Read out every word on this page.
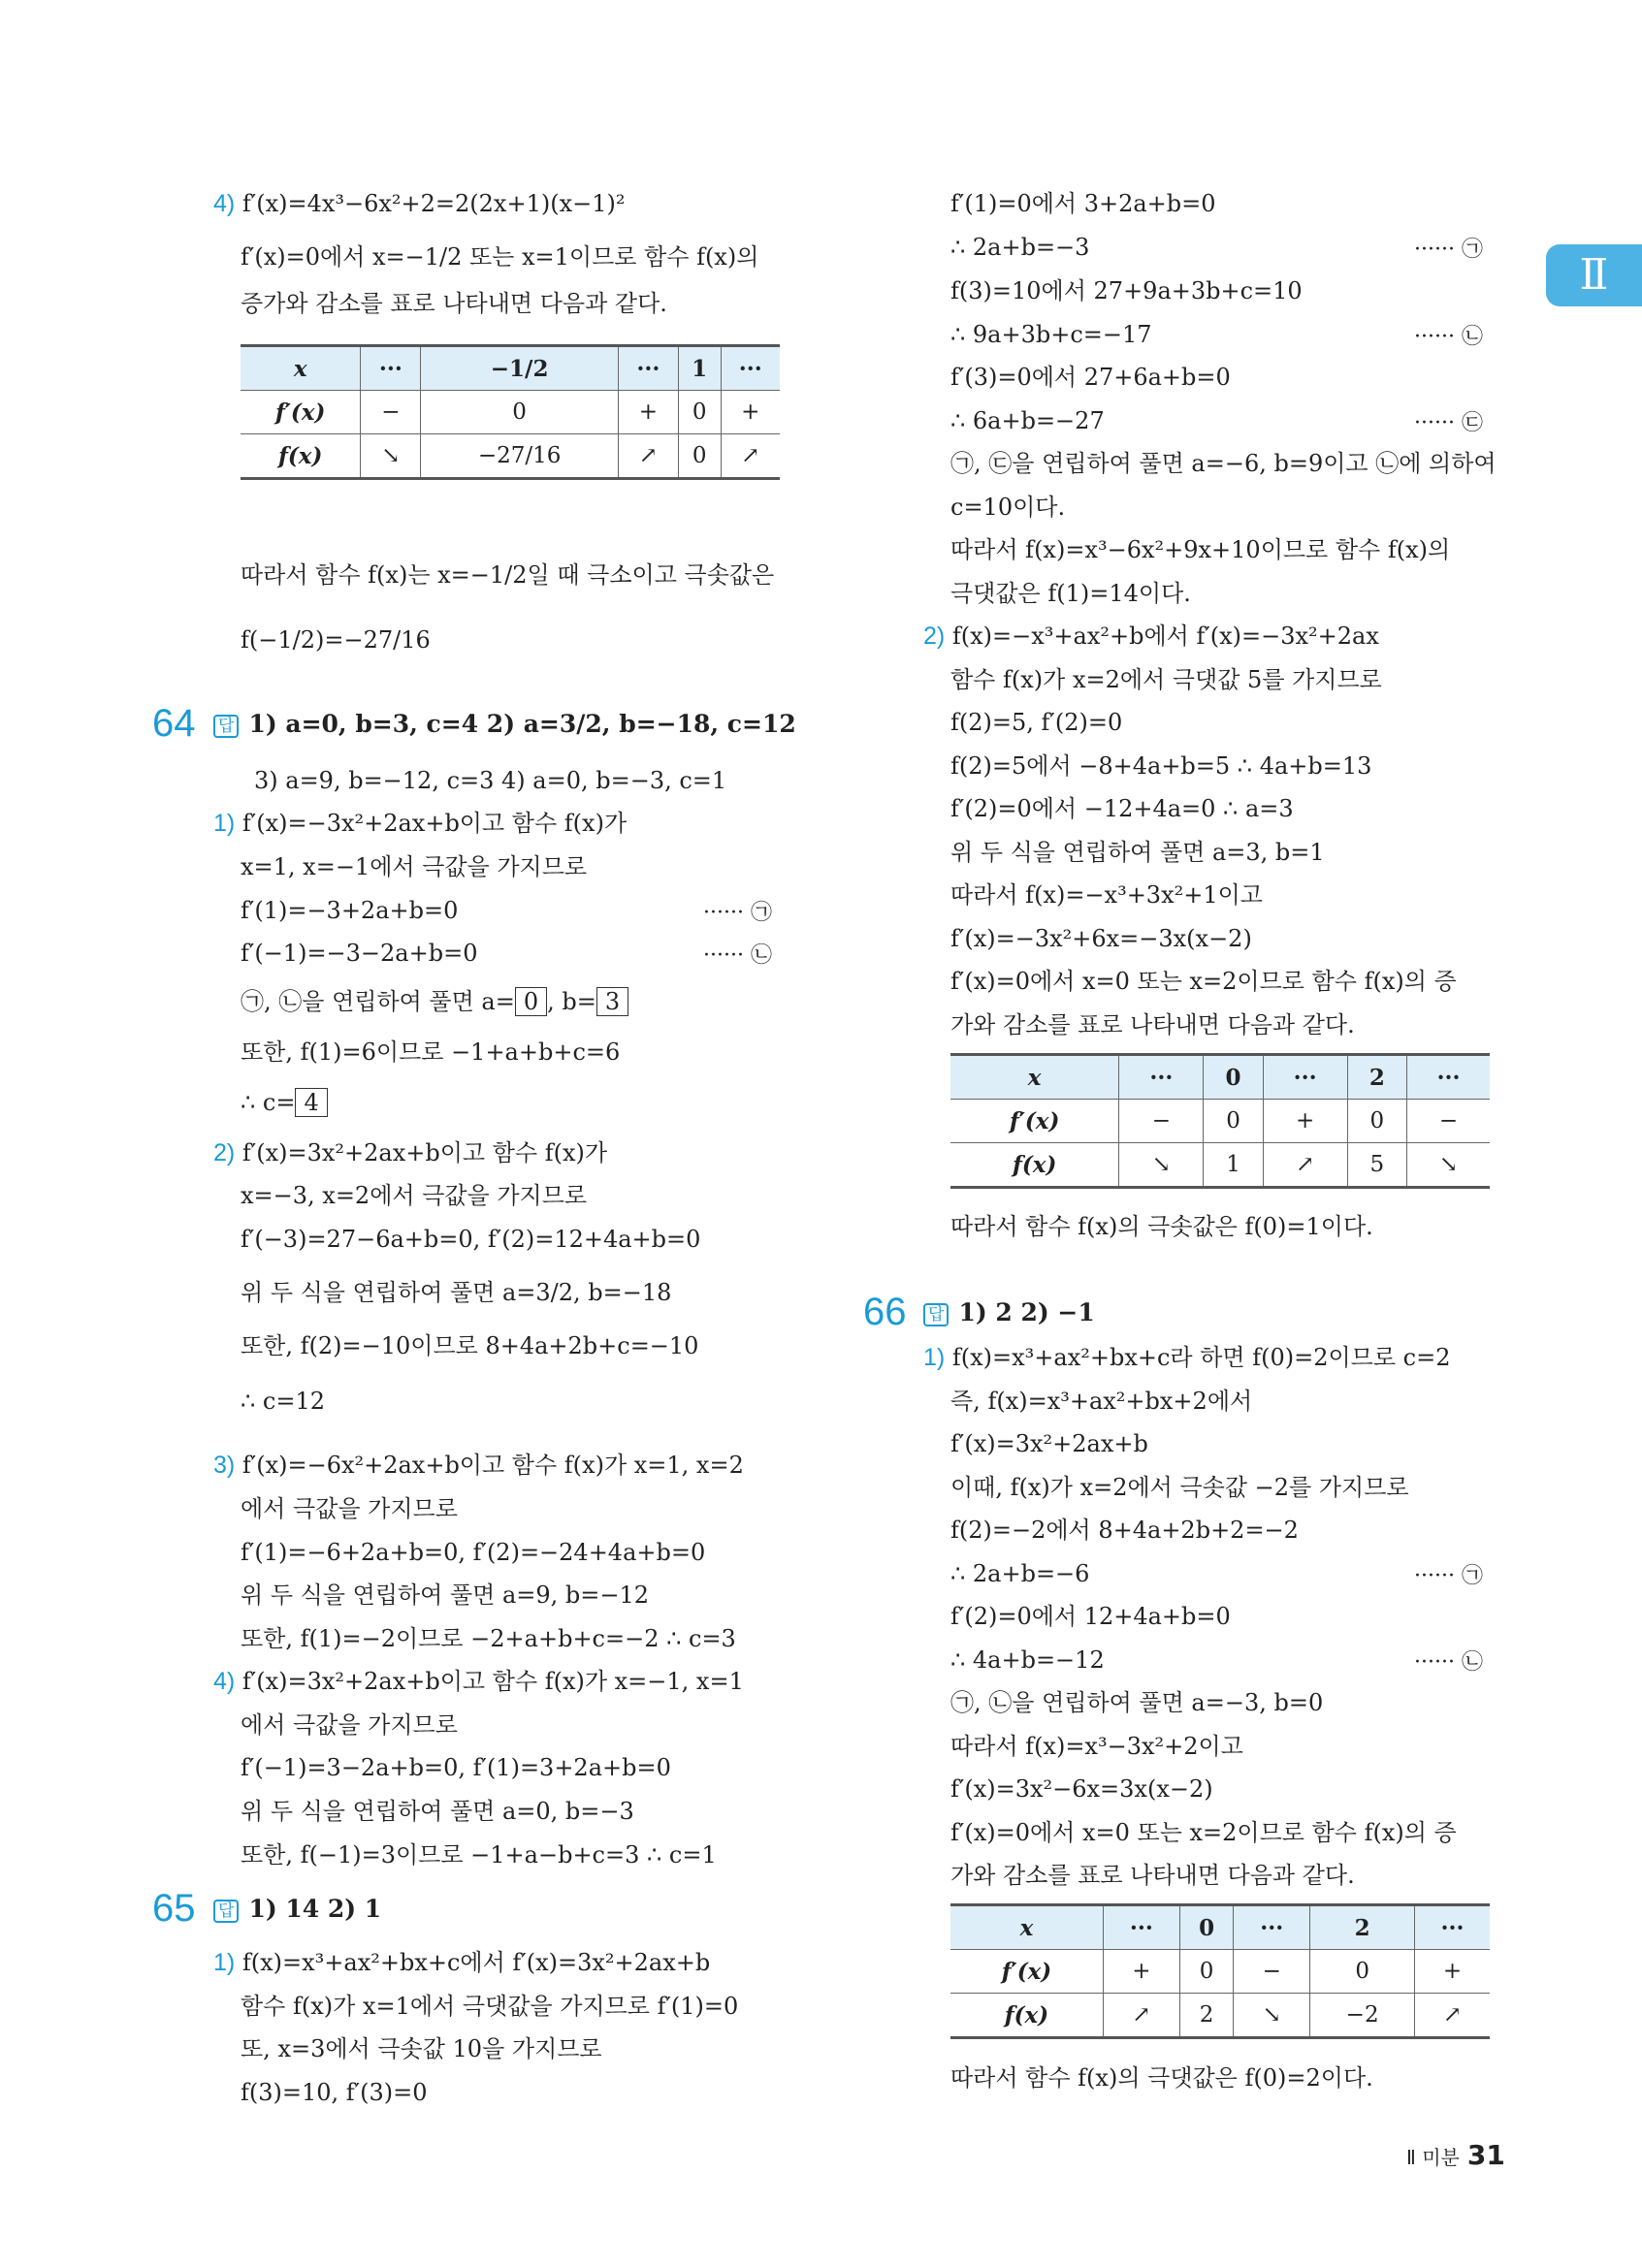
Ⅱ
4) f′(x)=4x³−6x²+2=2(2x+1)(x−1)²
f′(x)=0에서 x=−1/2 또는 x=1이므로 함수 f(x)의
증가와 감소를 표로 나타내면 다음과 같다.
따라서 함수 f(x)는 x=−1/2일 때 극소이고 극솟값은
f(−1/2)=−27/16
3) a=9, b=−12, c=3 4) a=0, b=−3, c=1
1) f′(x)=−3x²+2ax+b이고 함수 f(x)가
x=1, x=−1에서 극값을 가지므로
f′(1)=−3+2a+b=0
f′(−1)=−3−2a+b=0
또한, f(1)=6이므로 −1+a+b+c=6
2) f′(x)=3x²+2ax+b이고 함수 f(x)가
x=−3, x=2에서 극값을 가지므로
f′(−3)=27−6a+b=0, f′(2)=12+4a+b=0
위 두 식을 연립하여 풀면 a=3/2, b=−18
또한, f(2)=−10이므로 8+4a+2b+c=−10
∴ c=12
3) f′(x)=−6x²+2ax+b이고 함수 f(x)가 x=1, x=2
에서 극값을 가지므로
f′(1)=−6+2a+b=0, f′(2)=−24+4a+b=0
위 두 식을 연립하여 풀면 a=9, b=−12
또한, f(1)=−2이므로 −2+a+b+c=−2 ∴ c=3
4) f′(x)=3x²+2ax+b이고 함수 f(x)가 x=−1, x=1
에서 극값을 가지므로
f′(−1)=3−2a+b=0, f′(1)=3+2a+b=0
위 두 식을 연립하여 풀면 a=0, b=−3
또한, f(−1)=3이므로 −1+a−b+c=3 ∴ c=1
1) f(x)=x³+ax²+bx+c에서 f′(x)=3x²+2ax+b
함수 f(x)가 x=1에서 극댓값을 가지므로 f′(1)=0
또, x=3에서 극솟값 10을 가지므로
f(3)=10, f′(3)=0
f′(1)=0에서 3+2a+b=0
∴ 2a+b=−3	······ ㉠
f(3)=10에서 27+9a+3b+c=10
∴ 9a+3b+c=−17	······ ㉡
f′(3)=0에서 27+6a+b=0
∴ 6a+b=−27	······ ㉢
㉠, ㉢을 연립하여 풀면 a=−6, b=9이고 ㉡에 의하여
c=10이다.
따라서 f(x)=x³−6x²+9x+10이므로 함수 f(x)의
극댓값은 f(1)=14이다.
2) f(x)=−x³+ax²+b에서 f′(x)=−3x²+2ax
함수 f(x)가 x=2에서 극댓값 5를 가지므로
f(2)=5, f′(2)=0
f(2)=5에서 −8+4a+b=5 ∴ 4a+b=13
f′(2)=0에서 −12+4a=0 ∴ a=3
위 두 식을 연립하여 풀면 a=3, b=1
따라서 f(x)=−x³+3x²+1이고
f′(x)=−3x²+6x=−3x(x−2)
f′(x)=0에서 x=0 또는 x=2이므로 함수 f(x)의 증
가와 감소를 표로 나타내면 다음과 같다.
따라서 함수 f(x)의 극솟값은 f(0)=1이다.
1) f(x)=x³+ax²+bx+c라 하면 f(0)=2이므로 c=2
즉, f(x)=x³+ax²+bx+2에서
f′(x)=3x²+2ax+b
이때, f(x)가 x=2에서 극솟값 −2를 가지므로
f(2)=−2에서 8+4a+2b+2=−2
∴ 2a+b=−6	······ ㉠
f′(2)=0에서 12+4a+b=0
∴ 4a+b=−12	······ ㉡
㉠, ㉡을 연립하여 풀면 a=−3, b=0
따라서 f(x)=x³−3x²+2이고
f′(x)=3x²−6x=3x(x−2)
f′(x)=0에서 x=0 또는 x=2이므로 함수 f(x)의 증
가와 감소를 표로 나타내면 다음과 같다.
따라서 함수 f(x)의 극댓값은 f(0)=2이다.
64 답 1) a=0, b=3, c=4 2) a=3/2, b=−18, c=12
65 답 1) 14 2) 1
66 답 1) 2 2) −1
㉠, ㉡을 연립하여 풀면 a= 0 , b= 3
∴ c= 4
······ ㉠
······ ㉡
x	···	−1/2	···	1	···
f′(x)	−	0	+	0	+
f(x)	↘	−27/16	↗	0	↗
x	···	0	···	2	···
f′(x)	−	0	+	0	−
f(x)	↘	1	↗	5	↘
x	···	0	···	2	···
f′(x)	+	0	−	0	+
f(x)	↗	2	↘	−2	↗
Ⅱ 미분 31
